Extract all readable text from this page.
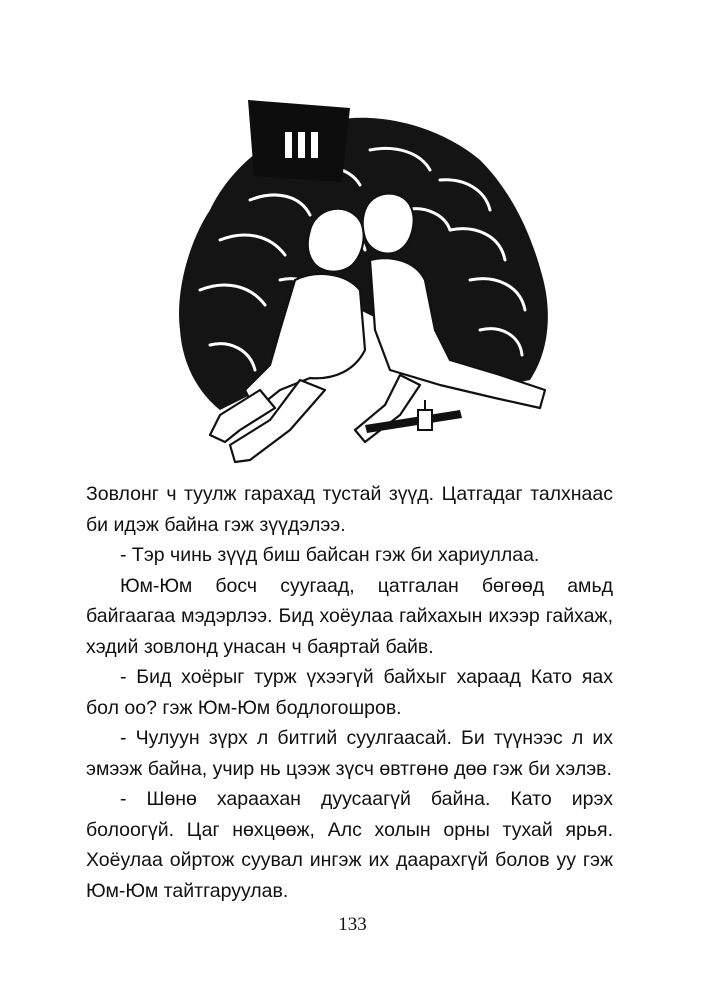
Зовлонг ч туулж гарахад тустай зүүд. Цатгадаг талхнаас би идэж байна гэж зүүдэлээ.

- Тэр чинь зүүд биш байсан гэж би хариуллаа.

Юм-Юм босч суугаад, цатгалан бөгөөд амьд байгаагаа мэдэрлээ. Бид хоёулаа гайхахын ихээр гайхаж, хэдий зовлонд унасан ч баяртай байв.

- Бид хоёрыг турж үхээгүй байхыг хараад Като яах бол оо? гэж Юм-Юм бодлогошров.

- Чулуун зүрх л битгий суулгаасай. Би түүнээс л их эмээж байна, учир нь цээж зүсч өвтгөнө дөө гэж би хэлэв.

- Шөнө хараахан дуусаагүй байна. Като ирэх болоогүй. Цаг нөхцөөж, Алс холын орны тухай ярья. Хоёулаа ойртож суувал ингэж их даарахгүй болов уу гэж Юм-Юм тайтгаруулав.

133
